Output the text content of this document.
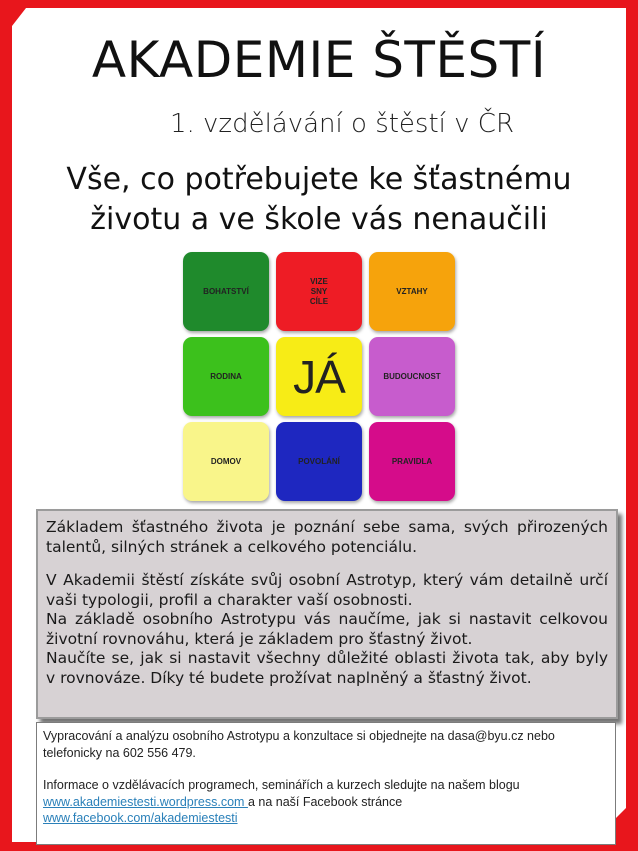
AKADEMIE ŠTĚSTÍ
1. vzdělávání o štěstí v ČR
Vše, co potřebujete ke šťastnému
životu a ve škole vás nenaučili
BOHATSTVÍ
VIZE
SNY
CÍLE
VZTAHY
RODINA	JÁ	BUDOUCNOST
DOMOV	POVOLÁNÍ	PRAVIDLA

Základem šťastného života je poznání sebe sama, svých přirozených talentů, silných stránek a celkového potenciálu.

V Akademii štěstí získáte svůj osobní Astrotyp, který vám detailně určí vaši typologii, profil a charakter vaší osobnosti.

Na základě osobního Astrotypu vás naučíme, jak si nastavit celkovou životní rovnováhu, která je základem pro šťastný život.

Naučíte se, jak si nastavit všechny důležité oblasti života tak, aby byly v rovnováze. Díky té budete prožívat naplněný a šťastný život.

Vypracování a analýzu osobního Astrotypu a konzultace si objednejte na dasa@byu.cz nebo telefonicky na 602 556 479.

Informace o vzdělávacích programech, seminářích a kurzech sledujte na našem blogu

www.akademiestesti.wordpress.com a na naší Facebook stránce

www.facebook.com/akademiestesti
